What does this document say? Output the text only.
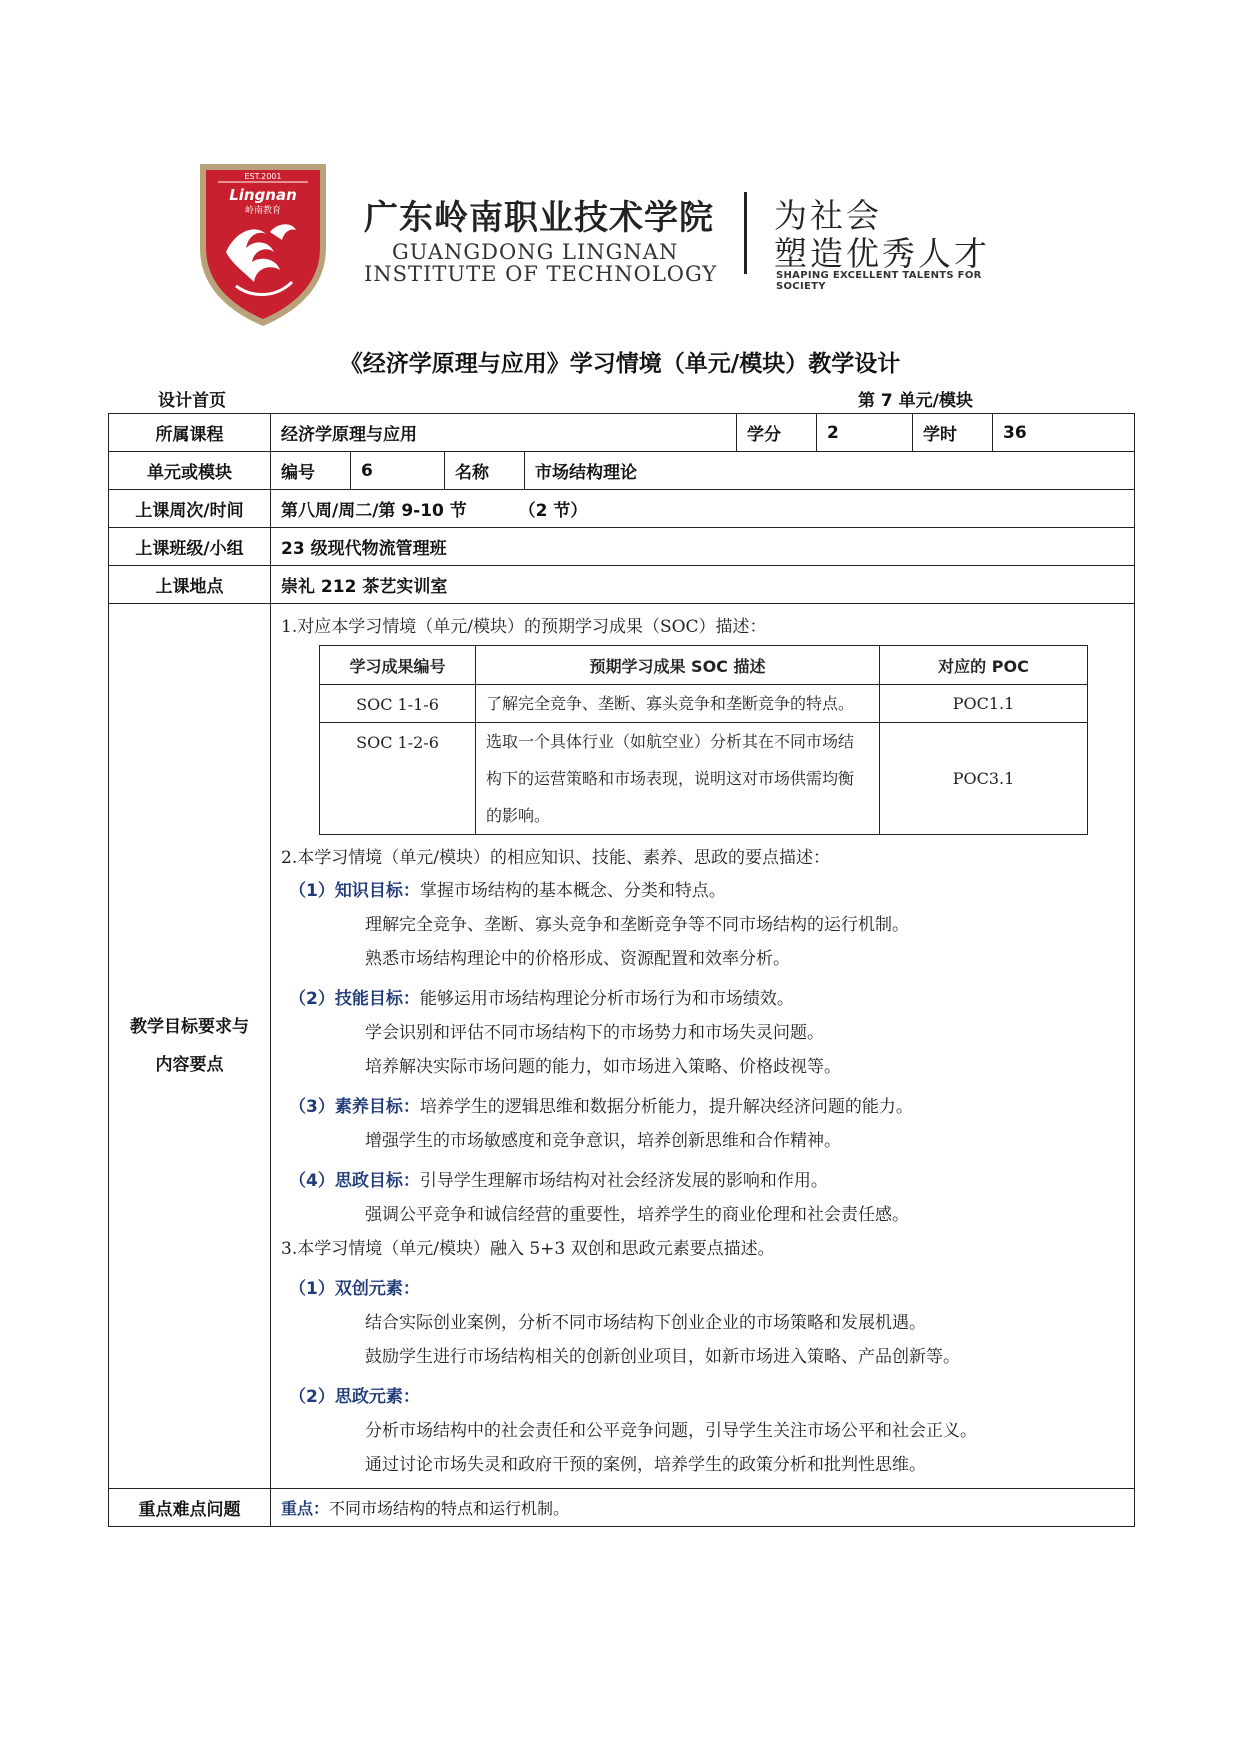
EST.2001
Lingnan
岭南教育 广东岭南职业技术学院
GUANGDONG LINGNAN
INSTITUTE OF TECHNOLOGY
为社会
塑造优秀人才
SHAPING EXCELLENT TALENTS FOR SOCIETY
《经济学原理与应用》学习情境（单元/模块）教学设计
设计首页	第 7 单元/模块
所属课程	经济学原理与应用	学分	2	学时	36
单元或模块	编号	6	名称	市场结构理论
上课周次/时间	第八周/周二/第 9-10 节	（2 节）
上课班级/小组	23 级现代物流管理班
上课地点	崇礼 212 茶艺实训室

教学目标要求与
内容要点

1.对应本学习情境（单元/模块）的预期学习成果（SOC）描述：
学习成果编号	预期学习成果 SOC 描述	对应的 POC
SOC 1-1-6	了解完全竞争、垄断、寡头竞争和垄断竞争的特点。	POC1.1
SOC 1-2-6	选取一个具体行业（如航空业）分析其在不同市场结构下的运营策略和市场表现，说明这对市场供需均衡的影响。	POC3.1
2.本学习情境（单元/模块）的相应知识、技能、素养、思政的要点描述：
（1）知识目标：掌握市场结构的基本概念、分类和特点。
理解完全竞争、垄断、寡头竞争和垄断竞争等不同市场结构的运行机制。
熟悉市场结构理论中的价格形成、资源配置和效率分析。
（2）技能目标：能够运用市场结构理论分析市场行为和市场绩效。
学会识别和评估不同市场结构下的市场势力和市场失灵问题。
培养解决实际市场问题的能力，如市场进入策略、价格歧视等。
（3）素养目标：培养学生的逻辑思维和数据分析能力，提升解决经济问题的能力。
增强学生的市场敏感度和竞争意识，培养创新思维和合作精神。
（4）思政目标：引导学生理解市场结构对社会经济发展的影响和作用。
强调公平竞争和诚信经营的重要性，培养学生的商业伦理和社会责任感。
3.本学习情境（单元/模块）融入 5+3 双创和思政元素要点描述。
（1）双创元素：
结合实际创业案例，分析不同市场结构下创业企业的市场策略和发展机遇。
鼓励学生进行市场结构相关的创新创业项目，如新市场进入策略、产品创新等。
（2）思政元素：
分析市场结构中的社会责任和公平竞争问题，引导学生关注市场公平和社会正义。
通过讨论市场失灵和政府干预的案例，培养学生的政策分析和批判性思维。

重点难点问题	重点：不同市场结构的特点和运行机制。
